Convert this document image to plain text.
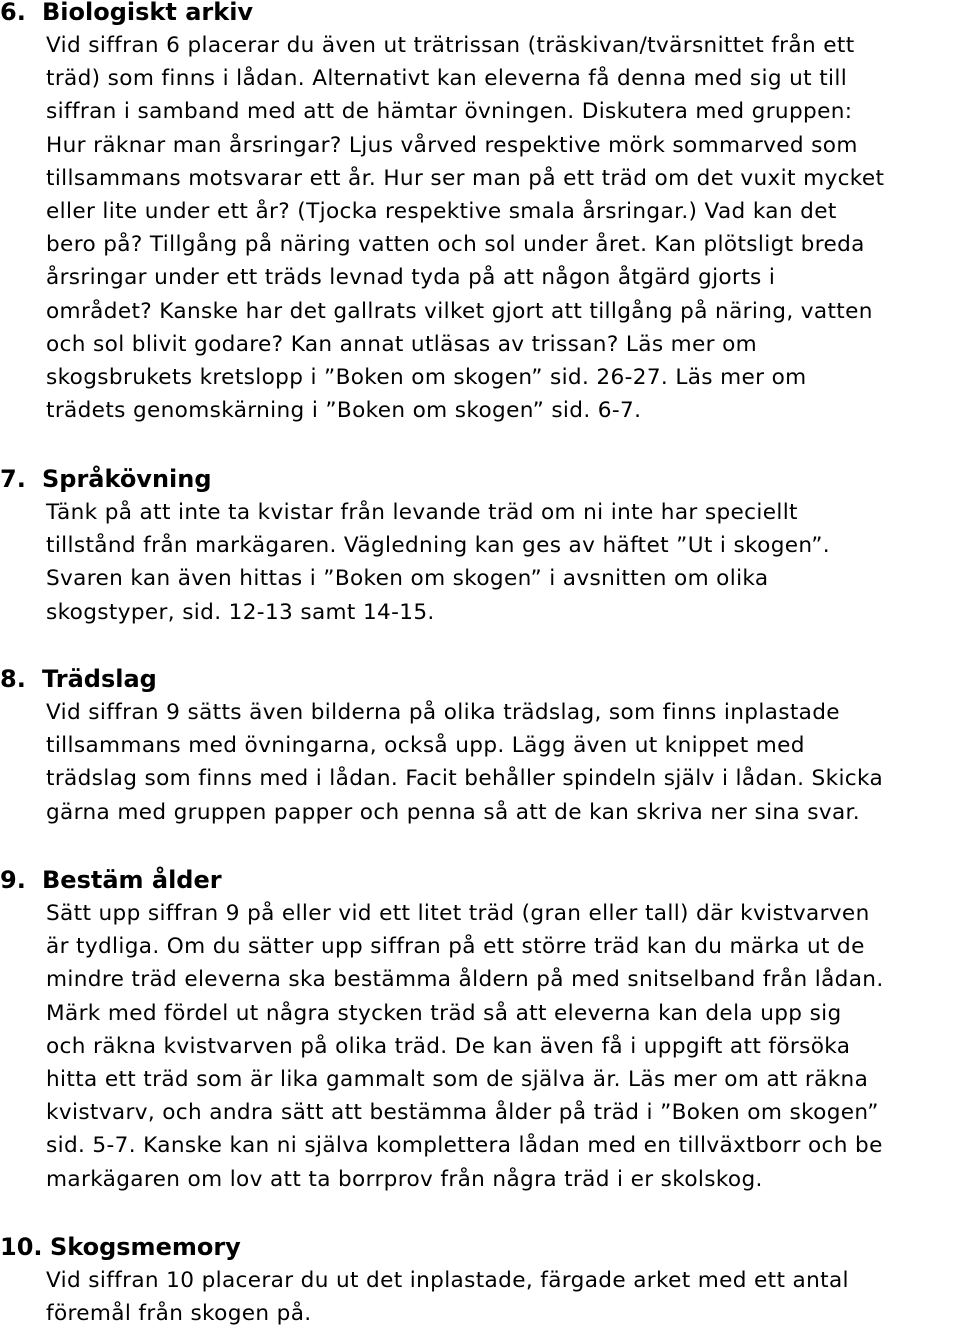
6. Biologiskt arkiv

Vid siffran 6 placerar du även ut trätrissan (träskivan/tvärsnittet från ett
träd) som finns i lådan. Alternativt kan eleverna få denna med sig ut till
siffran i samband med att de hämtar övningen. Diskutera med gruppen:
Hur räknar man årsringar? Ljus vårved respektive mörk sommarved som
tillsammans motsvarar ett år. Hur ser man på ett träd om det vuxit mycket
eller lite under ett år? (Tjocka respektive smala årsringar.) Vad kan det
bero på? Tillgång på näring vatten och sol under året. Kan plötsligt breda
årsringar under ett träds levnad tyda på att någon åtgärd gjorts i
området? Kanske har det gallrats vilket gjort att tillgång på näring, vatten
och sol blivit godare? Kan annat utläsas av trissan? Läs mer om
skogsbrukets kretslopp i ”Boken om skogen” sid. 26-27. Läs mer om
trädets genomskärning i ”Boken om skogen” sid. 6-7.

7. Språkövning

Tänk på att inte ta kvistar från levande träd om ni inte har speciellt
tillstånd från markägaren. Vägledning kan ges av häftet ”Ut i skogen”.
Svaren kan även hittas i ”Boken om skogen” i avsnitten om olika
skogstyper, sid. 12-13 samt 14-15.

8. Trädslag

Vid siffran 9 sätts även bilderna på olika trädslag, som finns inplastade
tillsammans med övningarna, också upp. Lägg även ut knippet med
trädslag som finns med i lådan. Facit behåller spindeln själv i lådan. Skicka
gärna med gruppen papper och penna så att de kan skriva ner sina svar.

9. Bestäm ålder

Sätt upp siffran 9 på eller vid ett litet träd (gran eller tall) där kvistvarven
är tydliga. Om du sätter upp siffran på ett större träd kan du märka ut de
mindre träd eleverna ska bestämma åldern på med snitselband från lådan.
Märk med fördel ut några stycken träd så att eleverna kan dela upp sig
och räkna kvistvarven på olika träd. De kan även få i uppgift att försöka
hitta ett träd som är lika gammalt som de själva är. Läs mer om att räkna
kvistvarv, och andra sätt att bestämma ålder på träd i ”Boken om skogen”
sid. 5-7. Kanske kan ni själva komplettera lådan med en tillväxtborr och be
markägaren om lov att ta borrprov från några träd i er skolskog.

10. Skogsmemory

Vid siffran 10 placerar du ut det inplastade, färgade arket med ett antal
föremål från skogen på.
